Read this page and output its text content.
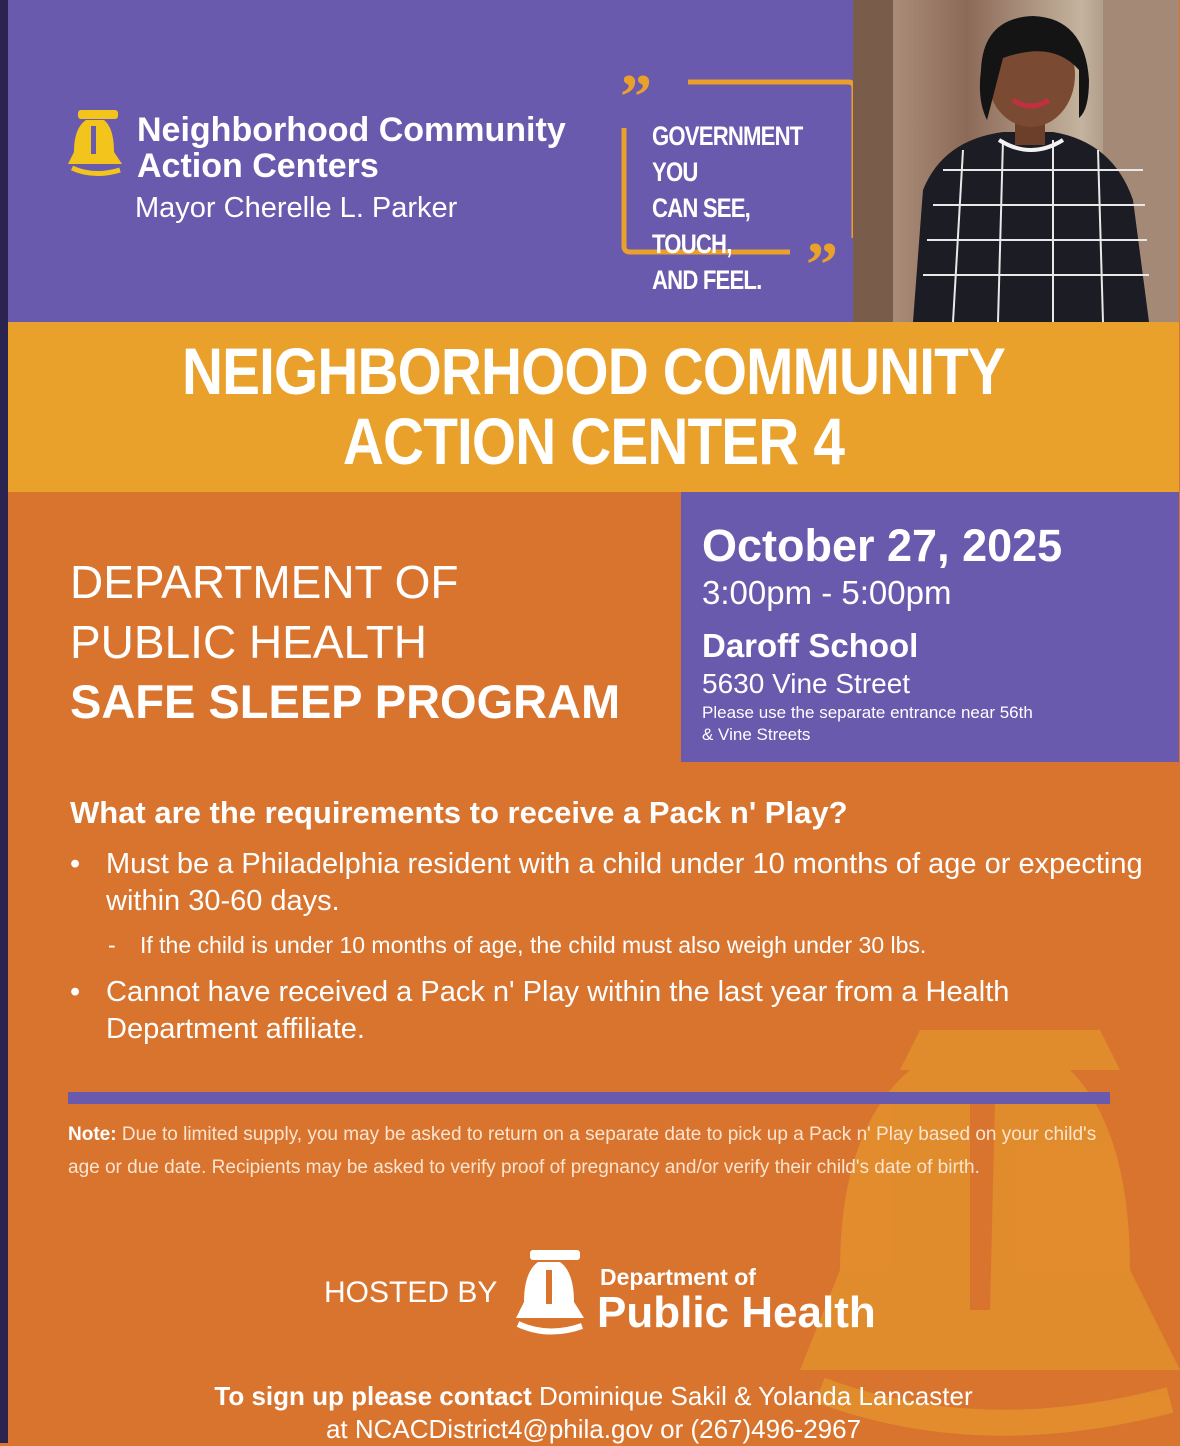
Neighborhood Community
Action Centers
Mayor Cherelle L. Parker
”
”
GOVERNMENT YOU
CAN SEE, TOUCH,
AND FEEL.
NEIGHBORHOOD COMMUNITY
ACTION CENTER 4
DEPARTMENT OF
PUBLIC HEALTH
SAFE SLEEP PROGRAM
October 27, 2025
3:00pm - 5:00pm
Daroff School
5630 Vine Street
Please use the separate entrance near 56th & Vine Streets
What are the requirements to receive a Pack n' Play?
• Must be a Philadelphia resident with a child under 10 months of age or expecting within 30-60 days.
- If the child is under 10 months of age, the child must also weigh under 30 lbs.
• Cannot have received a Pack n' Play within the last year from a Health Department affiliate.
Note: Due to limited supply, you may be asked to return on a separate date to pick up a Pack n' Play based on your child's age or due date. Recipients may be asked to verify proof of pregnancy and/or verify their child's date of birth.
HOSTED BY	Department of
Public Health
To sign up please contact Dominique Sakil & Yolanda Lancaster
at NCACDistrict4@phila.gov or (267)496-2967
